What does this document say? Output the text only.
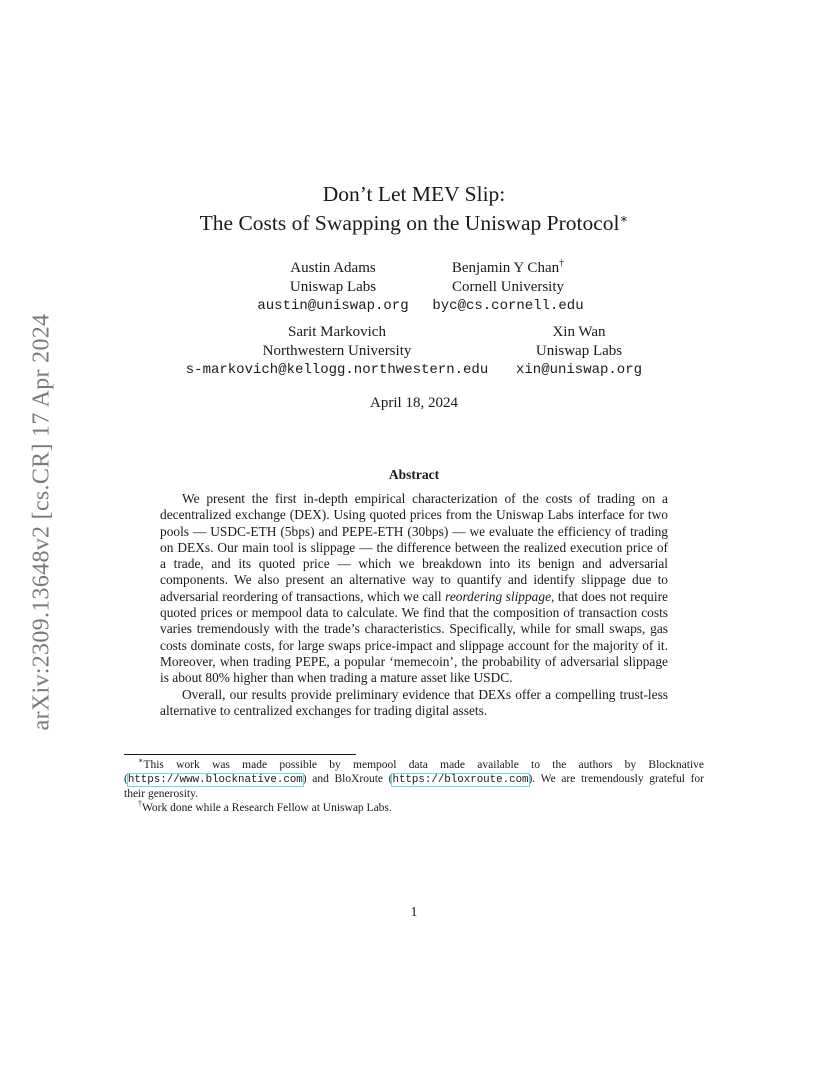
arXiv:2309.13648v2 [cs.CR] 17 Apr 2024
Don’t Let MEV Slip:
The Costs of Swapping on the Uniswap Protocol∗
Austin Adams
Uniswap Labs
austin@uniswap.org
Benjamin Y Chan†
Cornell University
byc@cs.cornell.edu
Sarit Markovich
Northwestern University
s-markovich@kellogg.northwestern.edu
Xin Wan
Uniswap Labs
xin@uniswap.org
April 18, 2024
Abstract

We present the first in-depth empirical characterization of the costs of trading on a decentralized exchange (DEX). Using quoted prices from the Uniswap Labs interface for two pools — USDC-ETH (5bps) and PEPE-ETH (30bps) — we evaluate the efficiency of trading on DEXs. Our main tool is slippage — the difference between the realized execution price of a trade, and its quoted price — which we breakdown into its benign and adversarial components. We also present an alternative way to quantify and identify slippage due to adversarial reordering of transactions, which we call reordering slippage, that does not require quoted prices or mempool data to calculate. We find that the composition of transaction costs varies tremendously with the trade’s characteristics. Specifically, while for small swaps, gas costs dominate costs, for large swaps price-impact and slippage account for the majority of it. Moreover, when trading PEPE, a popular ‘memecoin’, the probability of adversarial slippage is about 80% higher than when trading a mature asset like USDC.

Overall, our results provide preliminary evidence that DEXs offer a compelling trust-less alternative to centralized exchanges for trading digital assets.

∗This work was made possible by mempool data made available to the authors by Blocknative (https://www.blocknative.com) and BloXroute (https://bloxroute.com). We are tremendously grateful for their generosity.

†Work done while a Research Fellow at Uniswap Labs.

1
